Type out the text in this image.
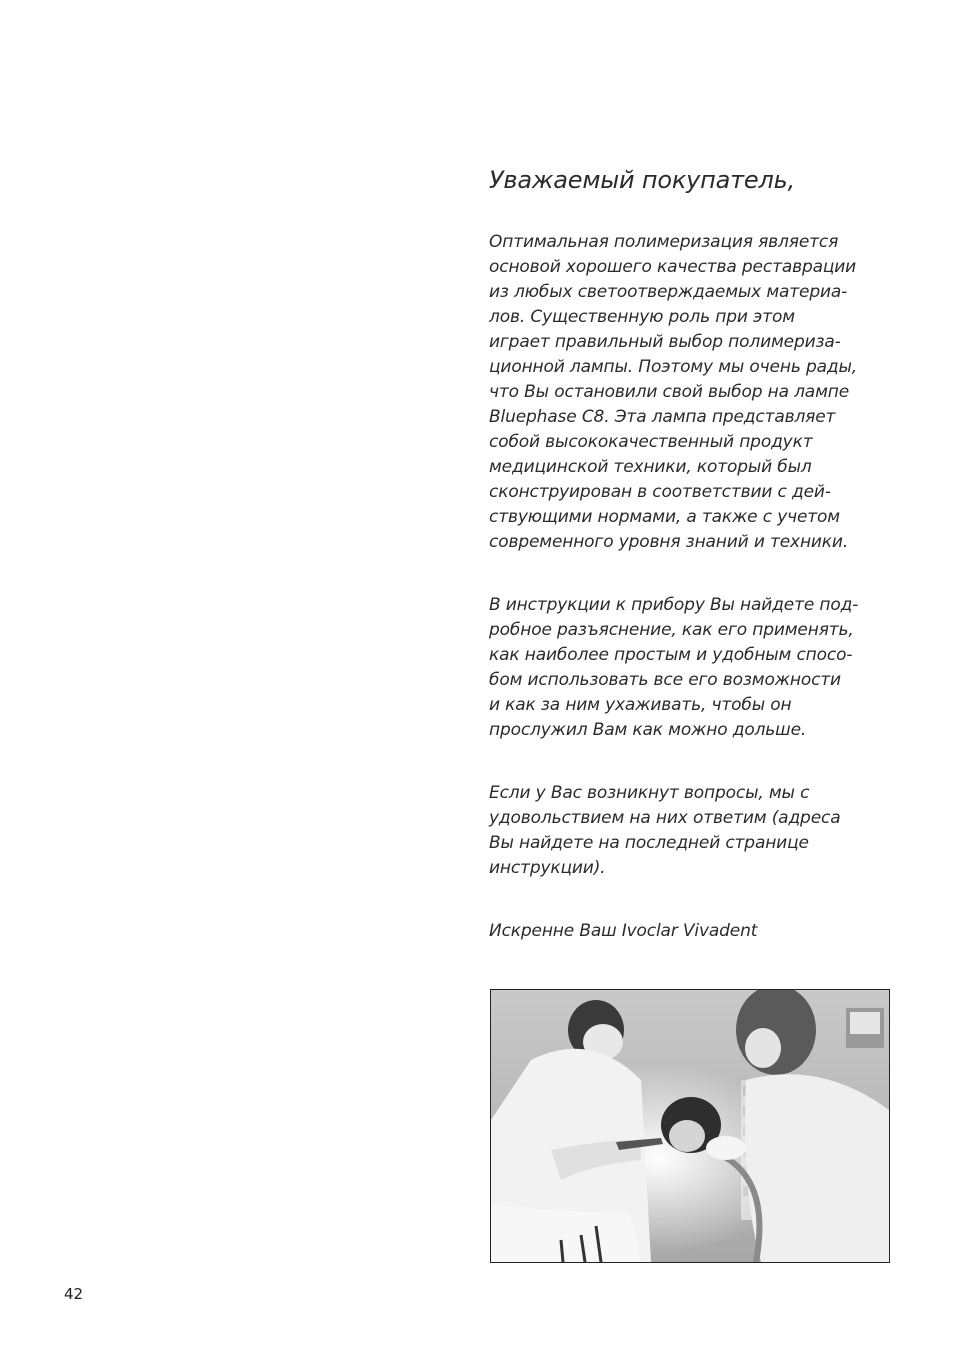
Уважаемый покупатель,

Оптимальная полимеризация является
основой хорошего качества реставрации
из любых светоотверждаемых материа-
лов. Существенную роль при этом
играет правильный выбор полимериза-
ционной лампы. Поэтому мы очень рады,
что Вы остановили свой выбор на лампе
Bluephase C8. Эта лампа представляет
собой высококачественный продукт
медицинской техники, который был
сконструирован в соответствии с дей-
ствующими нормами, а также с учетом
современного уровня знаний и техники.

В инструкции к прибору Вы найдете под-
робное разъяснение, как его применять,
как наиболее простым и удобным спосо-
бом использовать все его возможности
и как за ним ухаживать, чтобы он
прослужил Вам как можно дольше.

Если у Вас возникнут вопросы, мы с
удовольствием на них ответим (адреса
Вы найдете на последней странице
инструкции).

Искренне Ваш Ivoclar Vivadent

42
